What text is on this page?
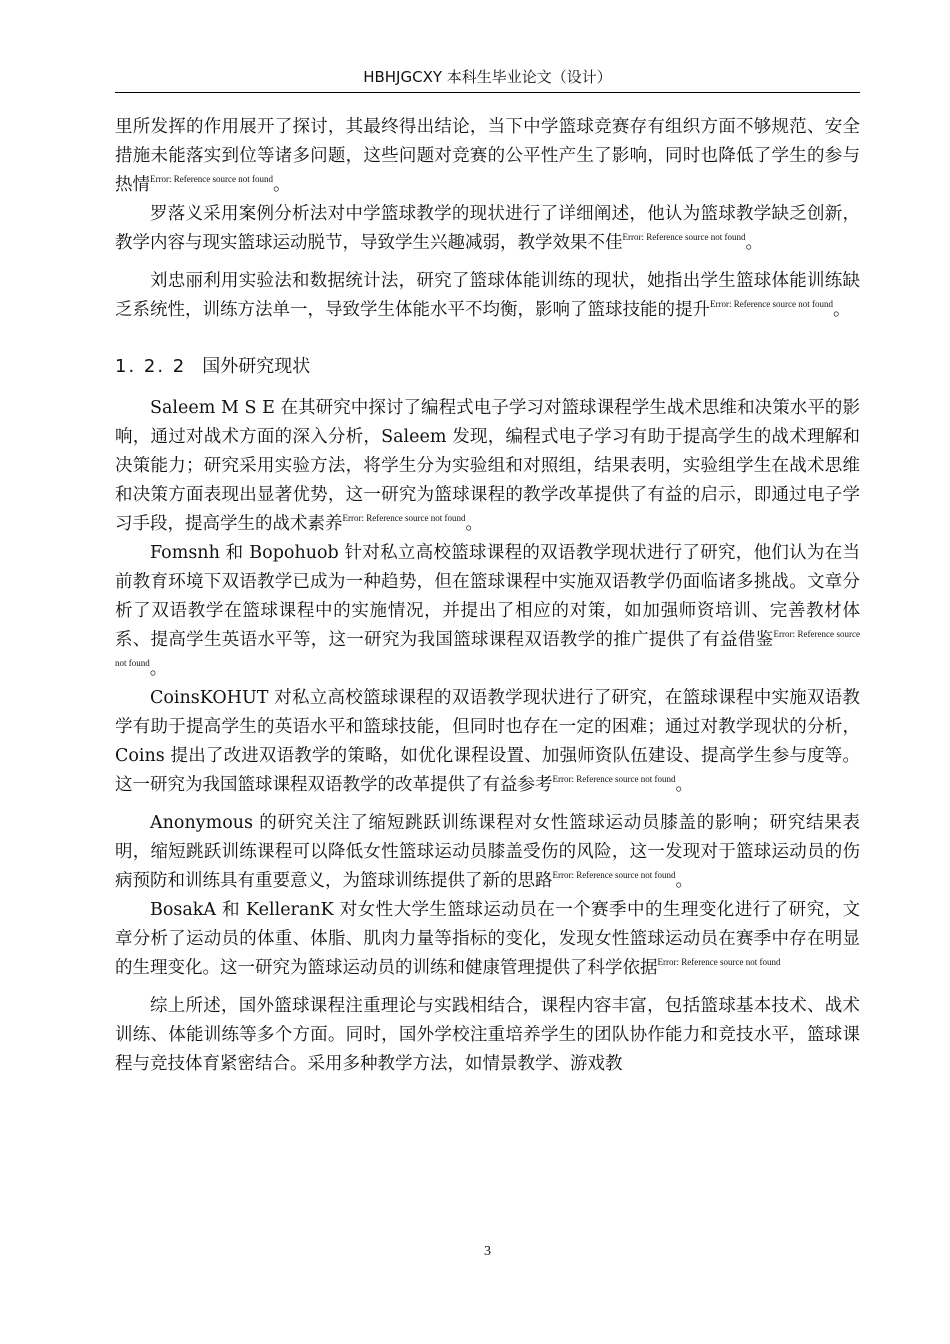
HBHJGCXY 本科生毕业论文（设计）

里所发挥的作用展开了探讨，其最终得出结论，当下中学篮球竞赛存有组织方面不够规范、安全措施未能落实到位等诸多问题，这些问题对竞赛的公平性产生了影响，同时也降低了学生的参与热情$^{Error: Reference source not found}$。

罗落义采用案例分析法对中学篮球教学的现状进行了详细阐述，他认为篮球教学缺乏创新，教学内容与现实篮球运动脱节，导致学生兴趣减弱，教学效果不佳$^{Error: Reference source not found}$。

刘忠丽利用实验法和数据统计法，研究了篮球体能训练的现状，她指出学生篮球体能训练缺乏系统性，训练方法单一，导致学生体能水平不均衡，影响了篮球技能的提升$^{Error: Reference source not found}$。

1. 2. 2 国外研究现状

Saleem M S E 在其研究中探讨了编程式电子学习对篮球课程学生战术思维和决策水平的影响，通过对战术方面的深入分析，Saleem 发现，编程式电子学习有助于提高学生的战术理解和决策能力；研究采用实验方法，将学生分为实验组和对照组，结果表明，实验组学生在战术思维和决策方面表现出显著优势，这一研究为篮球课程的教学改革提供了有益的启示，即通过电子学习手段，提高学生的战术素养$^{Error: Reference source not found}$。

Fomsnh 和 Bopohuob 针对私立高校篮球课程的双语教学现状进行了研究，他们认为在当前教育环境下双语教学已成为一种趋势，但在篮球课程中实施双语教学仍面临诸多挑战。文章分析了双语教学在篮球课程中的实施情况，并提出了相应的对策，如加强师资培训、完善教材体系、提高学生英语水平等，这一研究为我国篮球课程双语教学的推广提供了有益借鉴$^{Error: Reference source not found}$。

CoinsKOHUT 对私立高校篮球课程的双语教学现状进行了研究，在篮球课程中实施双语教学有助于提高学生的英语水平和篮球技能，但同时也存在一定的困难；通过对教学现状的分析，Coins 提出了改进双语教学的策略，如优化课程设置、加强师资队伍建设、提高学生参与度等。这一研究为我国篮球课程双语教学的改革提供了有益参考$^{Error: Reference source not found}$。

Anonymous 的研究关注了缩短跳跃训练课程对女性篮球运动员膝盖的影响；研究结果表明，缩短跳跃训练课程可以降低女性篮球运动员膝盖受伤的风险，这一发现对于篮球运动员的伤病预防和训练具有重要意义，为篮球训练提供了新的思路$^{Error: Reference source not found}$。

BosakA 和 KelleranK 对女性大学生篮球运动员在一个赛季中的生理变化进行了研究，文章分析了运动员的体重、体脂、肌肉力量等指标的变化，发现女性篮球运动员在赛季中存在明显的生理变化。这一研究为篮球运动员的训练和健康管理提供了科学依据$^{Error: Reference source not found}$

综上所述，国外篮球课程注重理论与实践相结合，课程内容丰富，包括篮球基本技术、战术训练、体能训练等多个方面。同时，国外学校注重培养学生的团队协作能力和竞技水平，篮球课程与竞技体育紧密结合。采用多种教学方法，如情景教学、游戏教

3
